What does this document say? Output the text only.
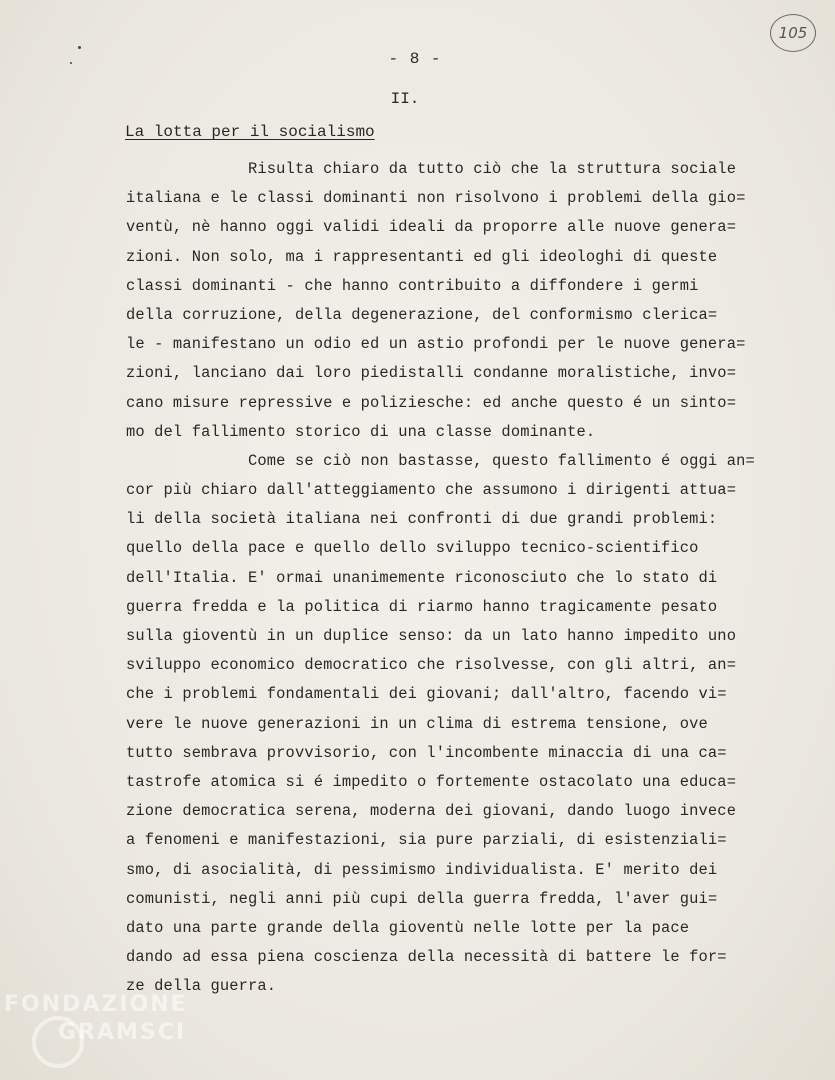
105
- 8 -
II.
La lotta per il socialismo
Risulta chiaro da tutto ciò che la struttura sociale
italiana e le classi dominanti non risolvono i problemi della gio=
ventù, nè hanno oggi validi ideali da proporre alle nuove genera=
zioni. Non solo, ma i rappresentanti ed gli ideologhi di queste
classi dominanti - che hanno contribuito a diffondere i germi
della corruzione, della degenerazione, del conformismo clerica=
le - manifestano un odio ed un astio profondi per le nuove genera=
zioni, lanciano dai loro piedistalli condanne moralistiche, invo=
cano misure repressive e poliziesche: ed anche questo é un sinto=
mo del fallimento storico di una classe dominante.
Come se ciò non bastasse, questo fallimento é oggi an=
cor più chiaro dall'atteggiamento che assumono i dirigenti attua=
li della società italiana nei confronti di due grandi problemi:
quello della pace e quello dello sviluppo tecnico-scientifico
dell'Italia. E' ormai unanimemente riconosciuto che lo stato di
guerra fredda e la politica di riarmo hanno tragicamente pesato
sulla gioventù in un duplice senso: da un lato hanno impedito uno
sviluppo economico democratico che risolvesse, con gli altri, an=
che i problemi fondamentali dei giovani; dall'altro, facendo vi=
vere le nuove generazioni in un clima di estrema tensione, ove
tutto sembrava provvisorio, con l'incombente minaccia di una ca=
tastrofe atomica si é impedito o fortemente ostacolato una educa=
zione democratica serena, moderna dei giovani, dando luogo invece
a fenomeni e manifestazioni, sia pure parziali, di esistenziali=
smo, di asocialità, di pessimismo individualista. E' merito dei
comunisti, negli anni più cupi della guerra fredda, l'aver gui=
dato una parte grande della gioventù nelle lotte per la pace
dando ad essa piena coscienza della necessità di battere le for=
ze della guerra.
FONDAZIONE
GRAMSCI
